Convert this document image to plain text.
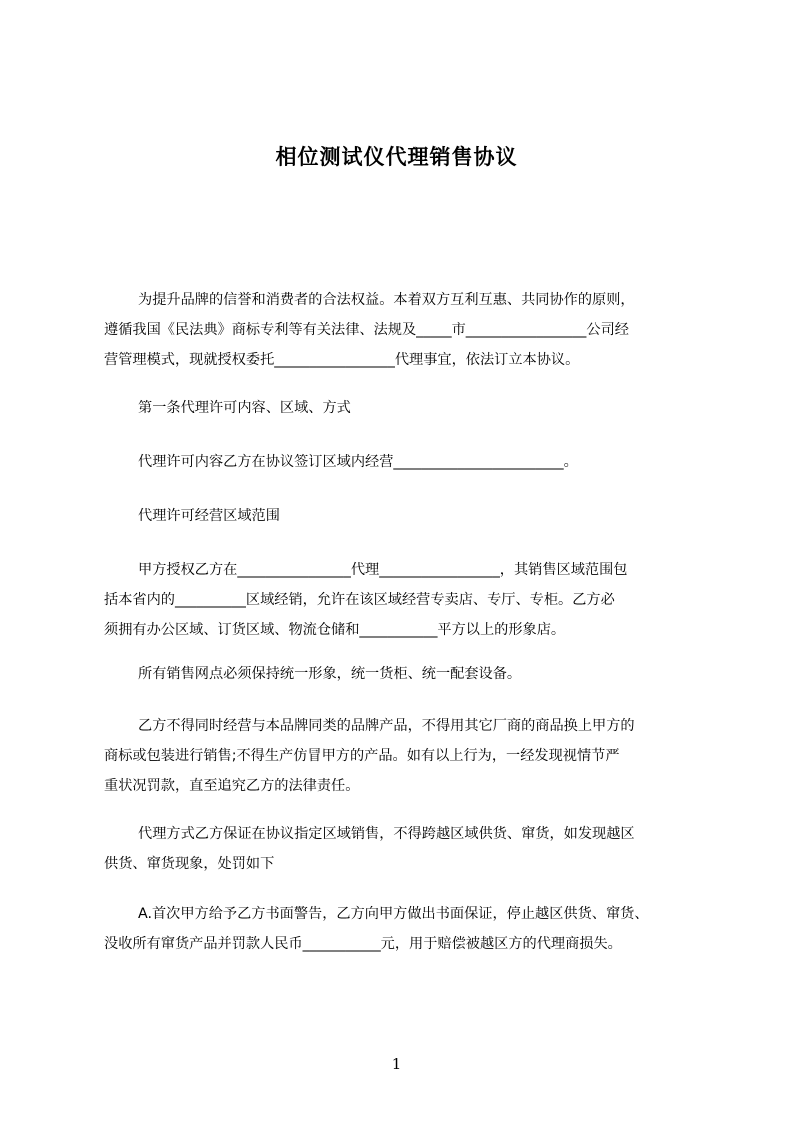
相位测试仪代理销售协议
为提升品牌的信誉和消费者的合法权益。本着双方互利互惠、共同协作的原则，
遵循我国《民法典》商标专利等有关法律、法规及_____市_________________公司经
营管理模式，现就授权委托_________________代理事宜，依法订立本协议。
第一条代理许可内容、区域、方式
代理许可内容乙方在协议签订区域内经营________________________。
代理许可经营区域范围
甲方授权乙方在________________代理_________________，其销售区域范围包
括本省内的__________区域经销，允许在该区域经营专卖店、专厅、专柜。乙方必
须拥有办公区域、订货区域、物流仓储和___________平方以上的形象店。
所有销售网点必须保持统一形象，统一货柜、统一配套设备。
乙方不得同时经营与本品牌同类的品牌产品，不得用其它厂商的商品换上甲方的
商标或包装进行销售;不得生产仿冒甲方的产品。如有以上行为，一经发现视情节严
重状况罚款，直至追究乙方的法律责任。
代理方式乙方保证在协议指定区域销售，不得跨越区域供货、窜货，如发现越区
供货、窜货现象，处罚如下
A.首次甲方给予乙方书面警告，乙方向甲方做出书面保证，停止越区供货、窜货、
没收所有窜货产品并罚款人民币___________元，用于赔偿被越区方的代理商损失。
1
